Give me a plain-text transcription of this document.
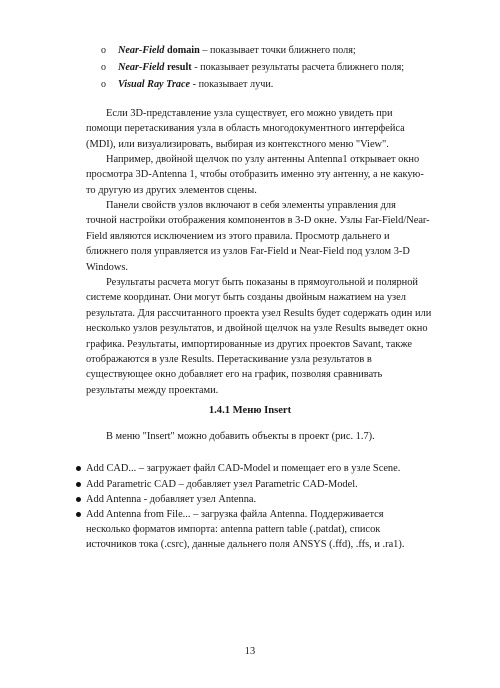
o Near-Field domain – показывает точки ближнего поля;
o Near-Field result - показывает результаты расчета ближнего поля;
o Visual Ray Trace - показывает лучи.
Если 3D-представление узла существует, его можно увидеть при
помощи перетаскивания узла в область многодокументного интерфейса
(MDI), или визуализировать, выбирая из контекстного меню "View".
Например, двойной щелчок по узлу антенны Antenna1 открывает окно
просмотра 3D-Antenna 1, чтобы отобразить именно эту антенну, а не какую-
то другую из других элементов сцены.
Панели свойств узлов включают в себя элементы управления для
точной настройки отображения компонентов в 3-D окне. Узлы Far-Field/Near-
Field являются исключением из этого правила. Просмотр дальнего и
ближнего поля управляется из узлов Far-Field и Near-Field под узлом 3-D
Windows.
Результаты расчета могут быть показаны в прямоугольной и полярной
системе координат. Они могут быть созданы двойным нажатием на узел
результата. Для рассчитанного проекта узел Results будет содержать один или
несколько узлов результатов, и двойной щелчок на узле Results выведет окно
графика. Результаты, импортированные из других проектов Savant, также
отображаются в узле Results. Перетаскивание узла результатов в
существующее окно добавляет его на график, позволяя сравнивать
результаты между проектами.
1.4.1 Меню Insert
В меню "Insert" можно добавить объекты в проект (рис. 1.7).
Add CAD... – загружает файл CAD-Model и помещает его в узле Scene.
Add Parametric CAD – добавляет узел Parametric CAD-Model.
Add Antenna - добавляет узел Antenna.
Add Antenna from File... – загрузка файла Antenna. Поддерживается
несколько форматов импорта: antenna pattern table (.patdat), список
источников тока (.csrc), данные дальнего поля ANSYS (.ffd), .ffs, и .ra1).
13
